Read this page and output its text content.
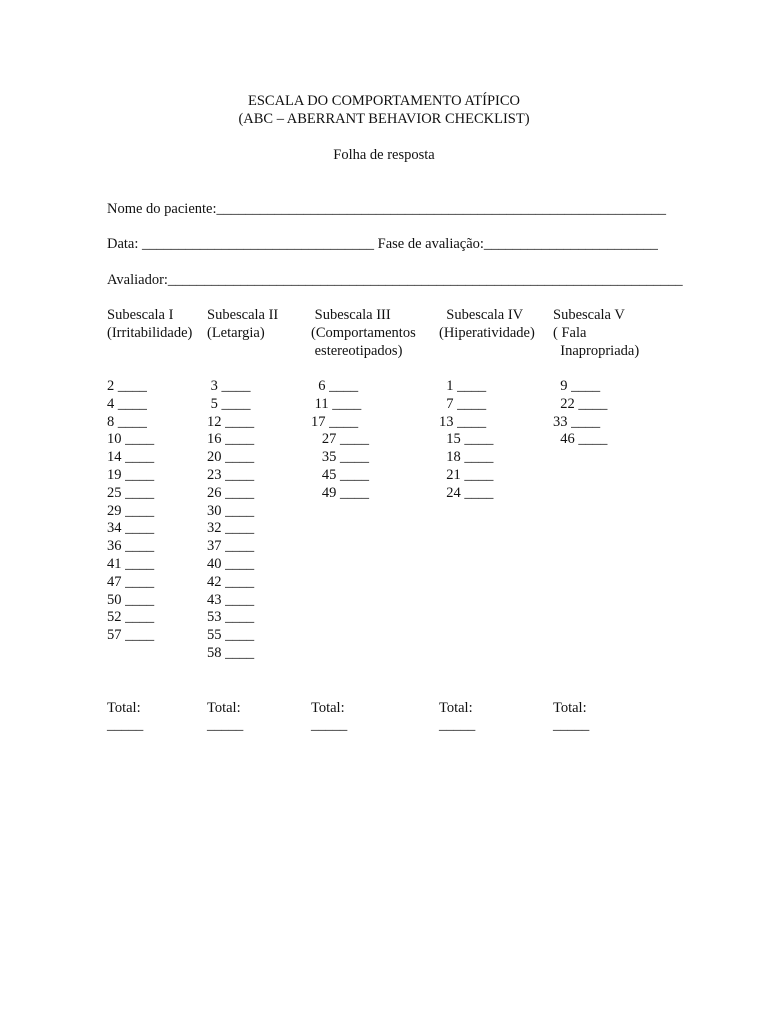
ESCALA DO COMPORTAMENTO ATÍPICO
(ABC – ABERRANT BEHAVIOR CHECKLIST)
Folha de resposta
Nome do paciente:______________________________________________________________
Data: ________________________________ Fase de avaliação:________________________
Avaliador:_______________________________________________________________________
Subescala I
(Irritabilidade)
2 ____
4 ____
8 ____
10 ____
14 ____
19 ____
25 ____
29 ____
34 ____
36 ____
41 ____
47 ____
50 ____
52 ____
57 ____
Total:
_____
Subescala II
(Letargia)
3 ____
5 ____
12 ____
16 ____
20 ____
23 ____
26 ____
30 ____
32 ____
37 ____
40 ____
42 ____
43 ____
53 ____
55 ____
58 ____
Total:
_____
Subescala III
(Comportamentos
estereotipados)
6 ____
11 ____
17 ____
27 ____
35 ____
45 ____
49 ____
Total:
_____
Subescala IV
(Hiperatividade)
1 ____
7 ____
13 ____
15 ____
18 ____
21 ____
24 ____
Total:
_____
Subescala V
( Fala
Inapropriada)
9 ____
22 ____
33 ____
46 ____
Total:
_____
